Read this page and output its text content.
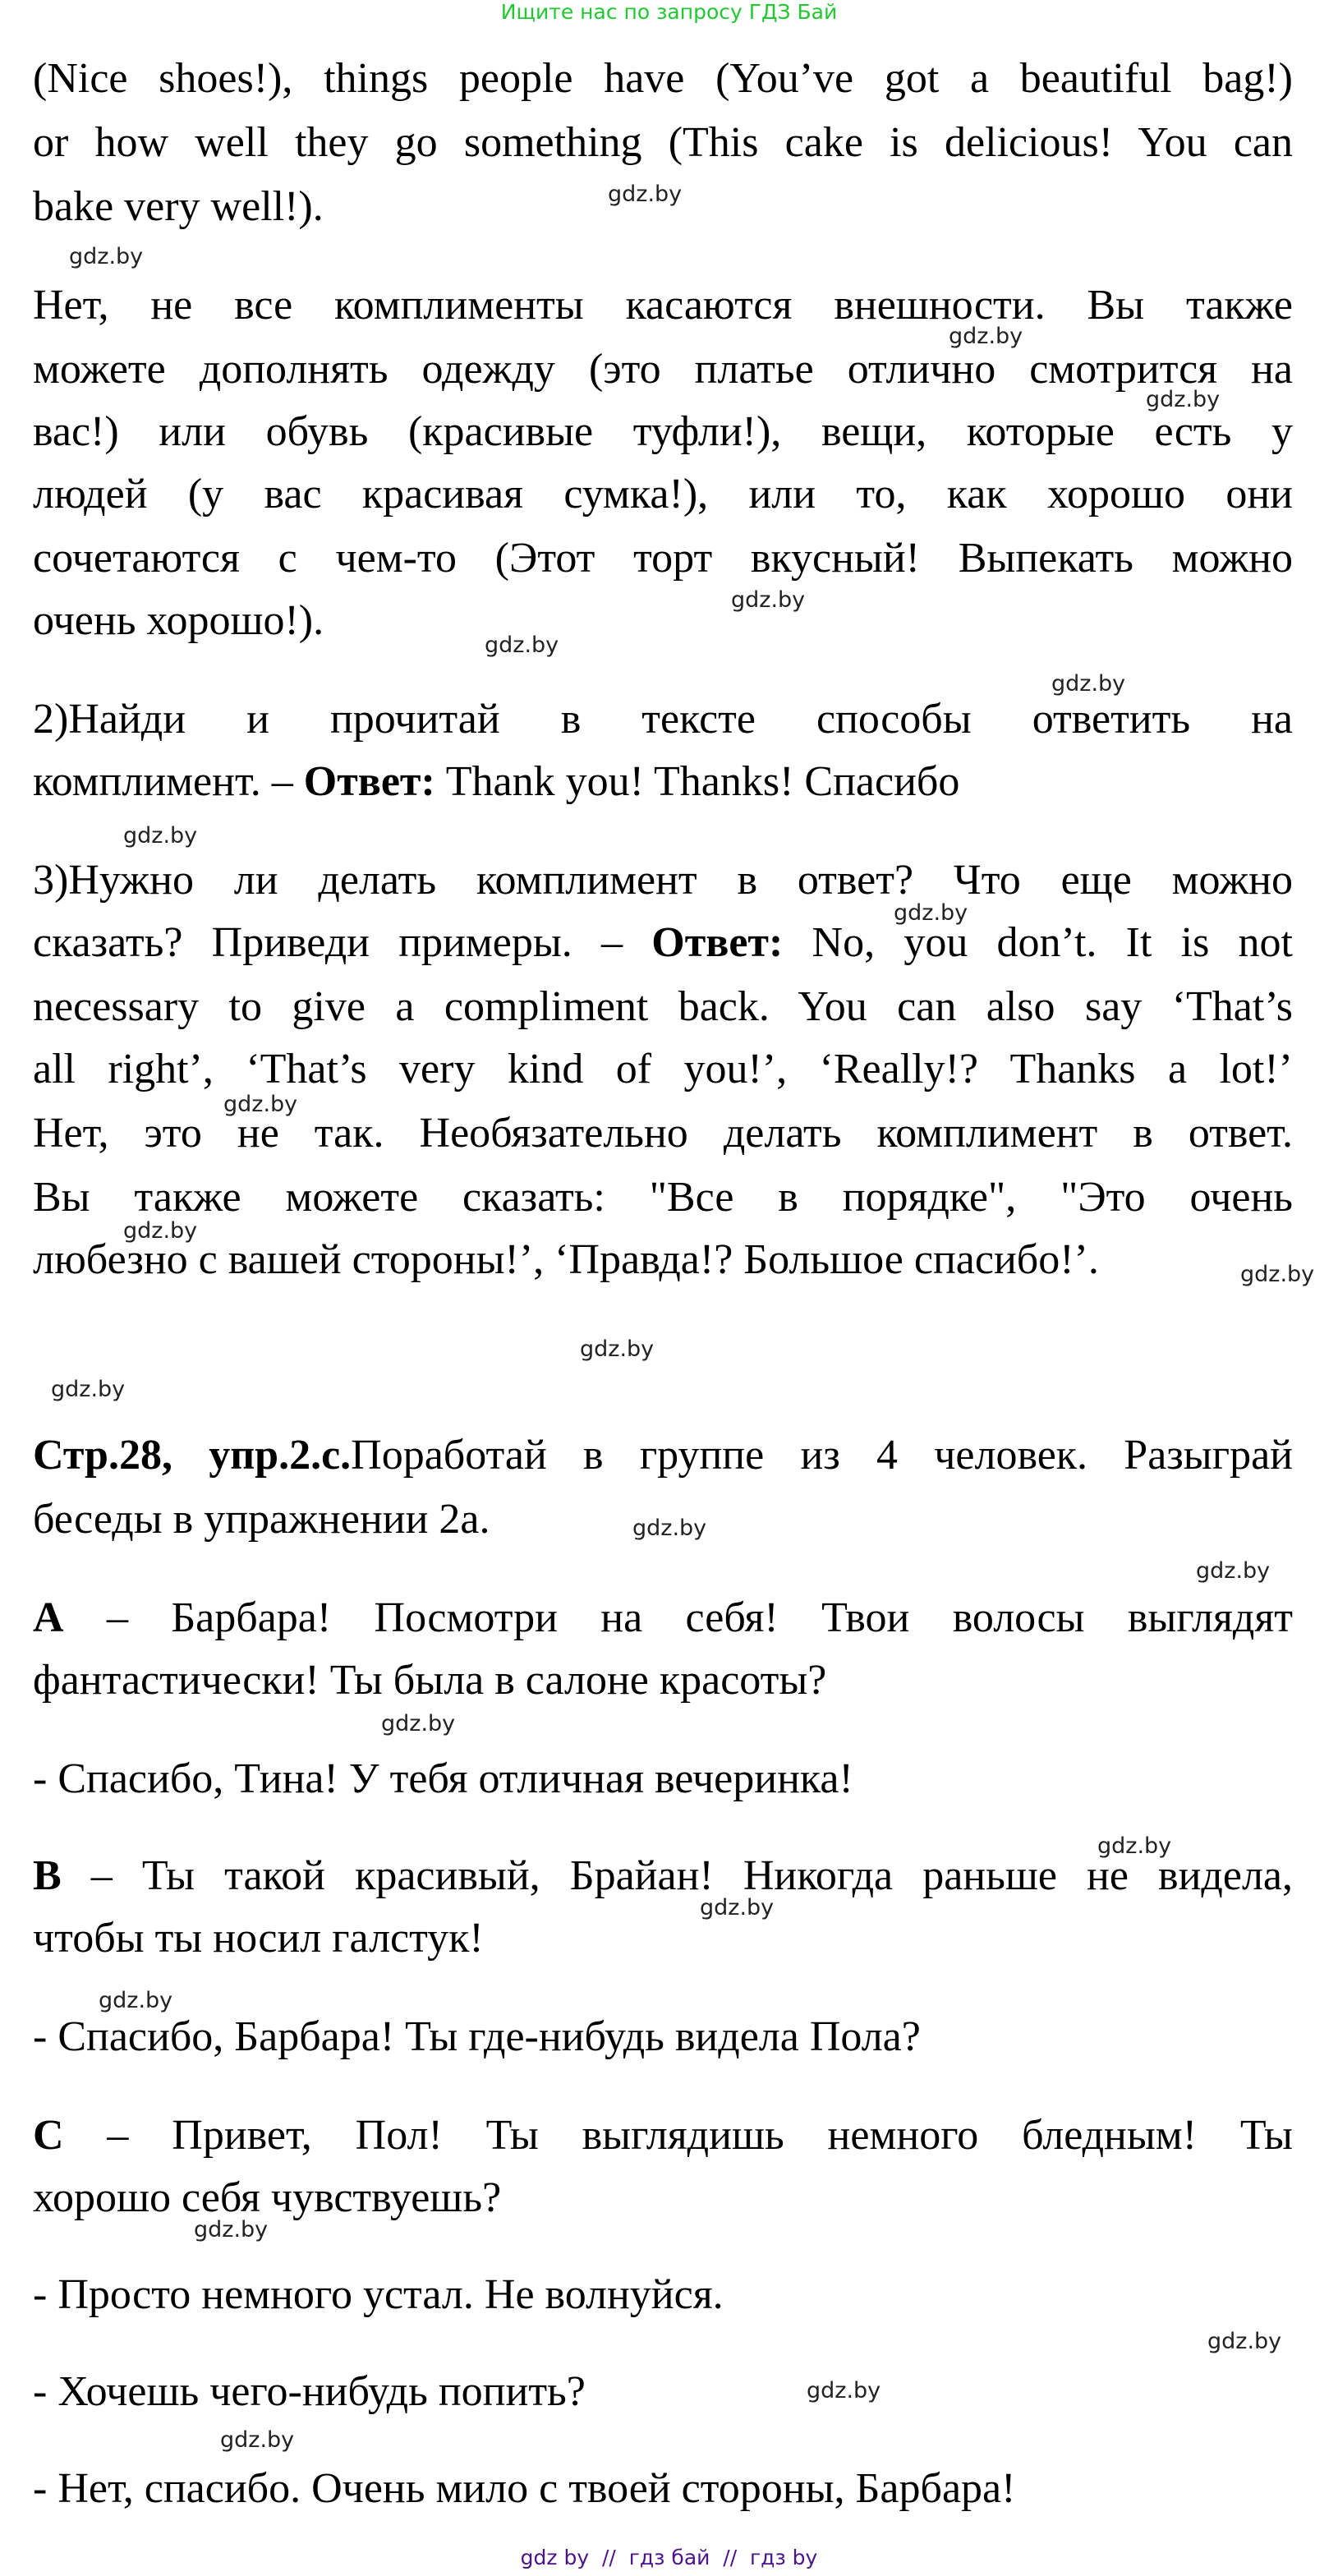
Ищите нас по запросу ГДЗ Бай
(Nice shoes!), things people have (You’ve got a beautiful bag!)
or how well they go something (This cake is delicious! You can
bake very well!).
Нет, не все комплименты касаются внешности. Вы также
можете дополнять одежду (это платье отлично смотрится на
вас!) или обувь (красивые туфли!), вещи, которые есть у
людей (у вас красивая сумка!), или то, как хорошо они
сочетаются с чем-то (Этот торт вкусный! Выпекать можно
очень хорошо!).
2)Найди и прочитай в тексте способы ответить на
комплимент. – Ответ: Thank you! Thanks! Спасибо
3)Нужно ли делать комплимент в ответ? Что еще можно
сказать? Приведи примеры. – Ответ: No, you don’t. It is not
necessary to give a compliment back. You can also say ‘That’s
all right’, ‘That’s very kind of you!’, ‘Really!? Thanks a lot!’
Нет, это не так. Необязательно делать комплимент в ответ.
Вы также можете сказать: "Все в порядке", "Это очень
любезно с вашей стороны!’, ‘Правда!? Большое спасибо!’.
Стр.28, упр.2.с.Поработай в группе из 4 человек. Разыграй
беседы в упражнении 2а.
А – Барбара! Посмотри на себя! Твои волосы выглядят
фантастически! Ты была в салоне красоты?
- Спасибо, Тина! У тебя отличная вечеринка!
В – Ты такой красивый, Брайан! Никогда раньше не видела,
чтобы ты носил галстук!
- Спасибо, Барбара! Ты где-нибудь видела Пола?
С – Привет, Пол! Ты выглядишь немного бледным! Ты
хорошо себя чувствуешь?
- Просто немного устал. Не волнуйся.
- Хочешь чего-нибудь попить?
- Нет, спасибо. Очень мило с твоей стороны, Барбара!
gdz.by
gdz.by
gdz.by
gdz.by
gdz.by
gdz.by
gdz.by
gdz.by
gdz.by
gdz.by
gdz.by
gdz.by
gdz.by
gdz.by
gdz.by
gdz.by
gdz.by
gdz.by
gdz.by
gdz.by
gdz.by
gdz.by
gdz.by
gdz.by
gdz by  //  гдз бай  //  гдз by
